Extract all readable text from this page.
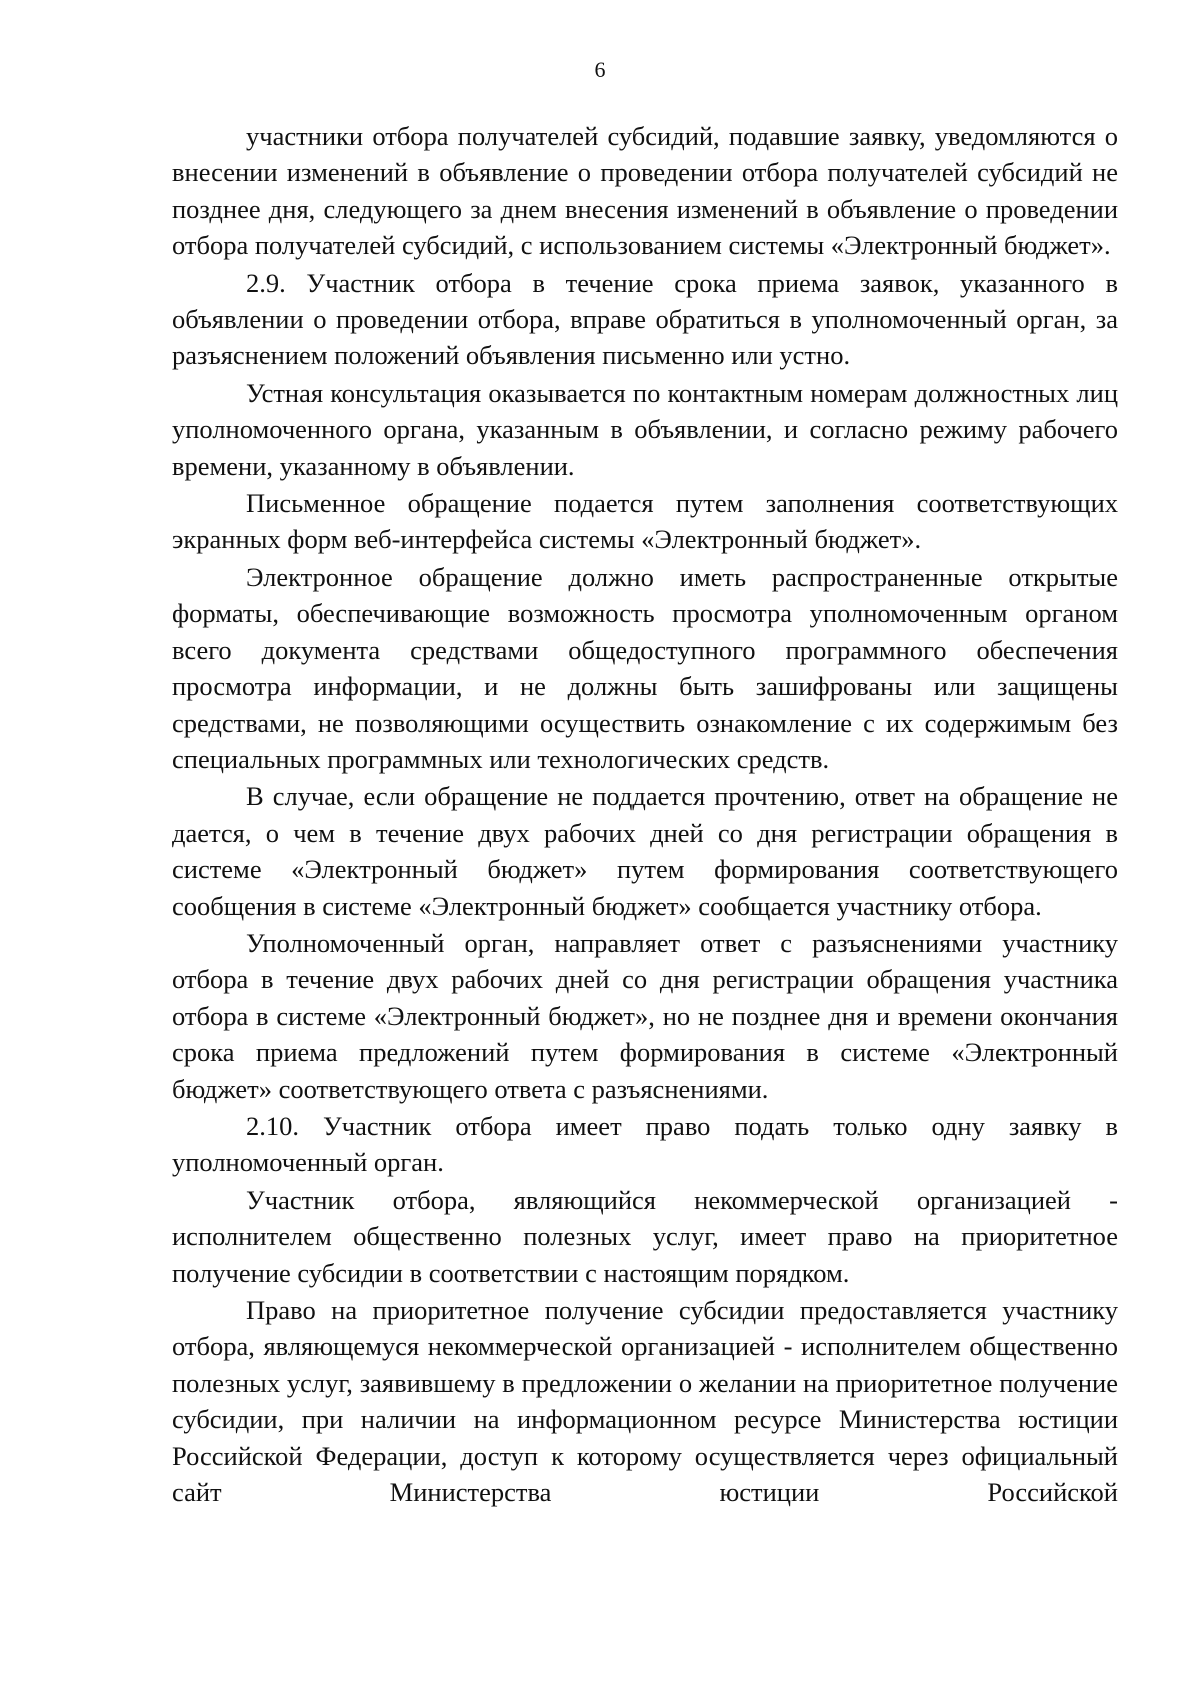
6

участники отбора получателей субсидий, подавшие заявку, уведомляются о внесении изменений в объявление о проведении отбора получателей субсидий не позднее дня, следующего за днем внесения изменений в объявление о проведении отбора получателей субсидий, с использованием системы «Электронный бюджет».

2.9. Участник отбора в течение срока приема заявок, указанного в объявлении о проведении отбора, вправе обратиться в уполномоченный орган, за разъяснением положений объявления письменно или устно.

Устная консультация оказывается по контактным номерам должностных лиц уполномоченного органа, указанным в объявлении, и согласно режиму рабочего времени, указанному в объявлении.

Письменное обращение подается путем заполнения соответствующих экранных форм веб-интерфейса системы «Электронный бюджет».

Электронное обращение должно иметь распространенные открытые форматы, обеспечивающие возможность просмотра уполномоченным органом всего документа средствами общедоступного программного обеспечения просмотра информации, и не должны быть зашифрованы или защищены средствами, не позволяющими осуществить ознакомление с их содержимым без специальных программных или технологических средств.

В случае, если обращение не поддается прочтению, ответ на обращение не дается, о чем в течение двух рабочих дней со дня регистрации обращения в системе «Электронный бюджет» путем формирования соответствующего сообщения в системе «Электронный бюджет» сообщается участнику отбора.

Уполномоченный орган, направляет ответ с разъяснениями участнику отбора в течение двух рабочих дней со дня регистрации обращения участника отбора в системе «Электронный бюджет», но не позднее дня и времени окончания срока приема предложений путем формирования в системе «Электронный бюджет» соответствующего ответа с разъяснениями.

2.10. Участник отбора имеет право подать только одну заявку в уполномоченный орган.

Участник отбора, являющийся некоммерческой организацией - исполнителем общественно полезных услуг, имеет право на приоритетное получение субсидии в соответствии с настоящим порядком.

Право на приоритетное получение субсидии предоставляется участнику отбора, являющемуся некоммерческой организацией - исполнителем общественно полезных услуг, заявившему в предложении о желании на приоритетное получение субсидии, при наличии на информационном ресурсе Министерства юстиции Российской Федерации, доступ к которому осуществляется через официальный сайт Министерства юстиции Российской
